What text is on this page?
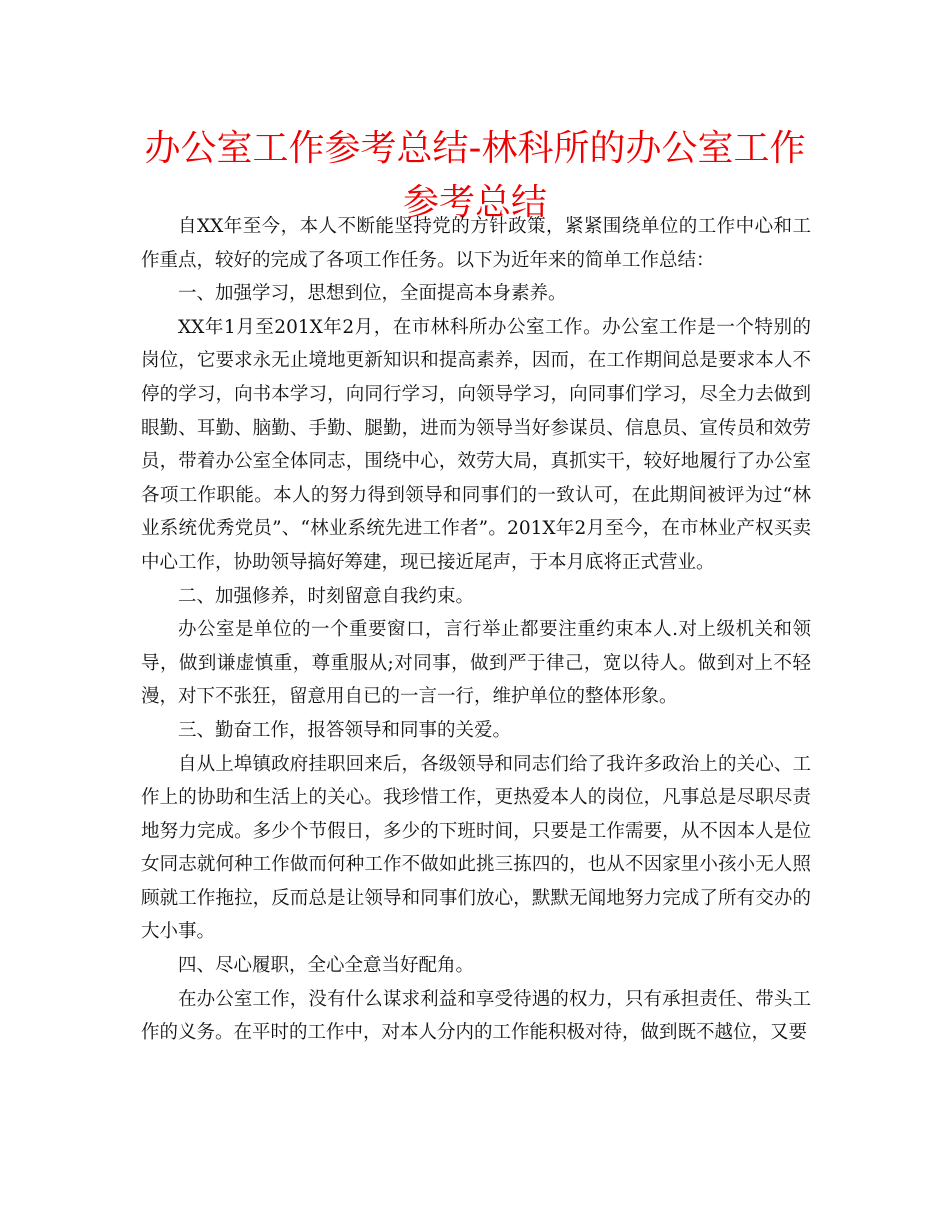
办公室工作参考总结-林科所的办公室工作参考总结

自XX年至今，本人不断能坚持党的方针政策，紧紧围绕单位的工作中心和工作重点，较好的完成了各项工作任务。以下为近年来的简单工作总结：

一、加强学习，思想到位，全面提高本身素养。

XX年1月至201X年2月，在市林科所办公室工作。办公室工作是一个特别的岗位，它要求永无止境地更新知识和提高素养，因而，在工作期间总是要求本人不停的学习，向书本学习，向同行学习，向领导学习，向同事们学习，尽全力去做到眼勤、耳勤、脑勤、手勤、腿勤，进而为领导当好参谋员、信息员、宣传员和效劳员，带着办公室全体同志，围绕中心，效劳大局，真抓实干，较好地履行了办公室各项工作职能。本人的努力得到领导和同事们的一致认可，在此期间被评为过“林业系统优秀党员”、“林业系统先进工作者”。201X年2月至今，在市林业产权买卖中心工作，协助领导搞好筹建，现已接近尾声，于本月底将正式营业。

二、加强修养，时刻留意自我约束。

办公室是单位的一个重要窗口，言行举止都要注重约束本人.对上级机关和领导，做到谦虚慎重，尊重服从;对同事，做到严于律己，宽以待人。做到对上不轻漫，对下不张狂，留意用自已的一言一行，维护单位的整体形象。

三、勤奋工作，报答领导和同事的关爱。

自从上埠镇政府挂职回来后，各级领导和同志们给了我许多政治上的关心、工作上的协助和生活上的关心。我珍惜工作，更热爱本人的岗位，凡事总是尽职尽责地努力完成。多少个节假日，多少的下班时间，只要是工作需要，从不因本人是位女同志就何种工作做而何种工作不做如此挑三拣四的，也从不因家里小孩小无人照顾就工作拖拉，反而总是让领导和同事们放心，默默无闻地努力完成了所有交办的大小事。

四、尽心履职，全心全意当好配角。

在办公室工作，没有什么谋求利益和享受待遇的权力，只有承担责任、带头工作的义务。在平时的工作中，对本人分内的工作能积极对待，做到既不越位，又要
